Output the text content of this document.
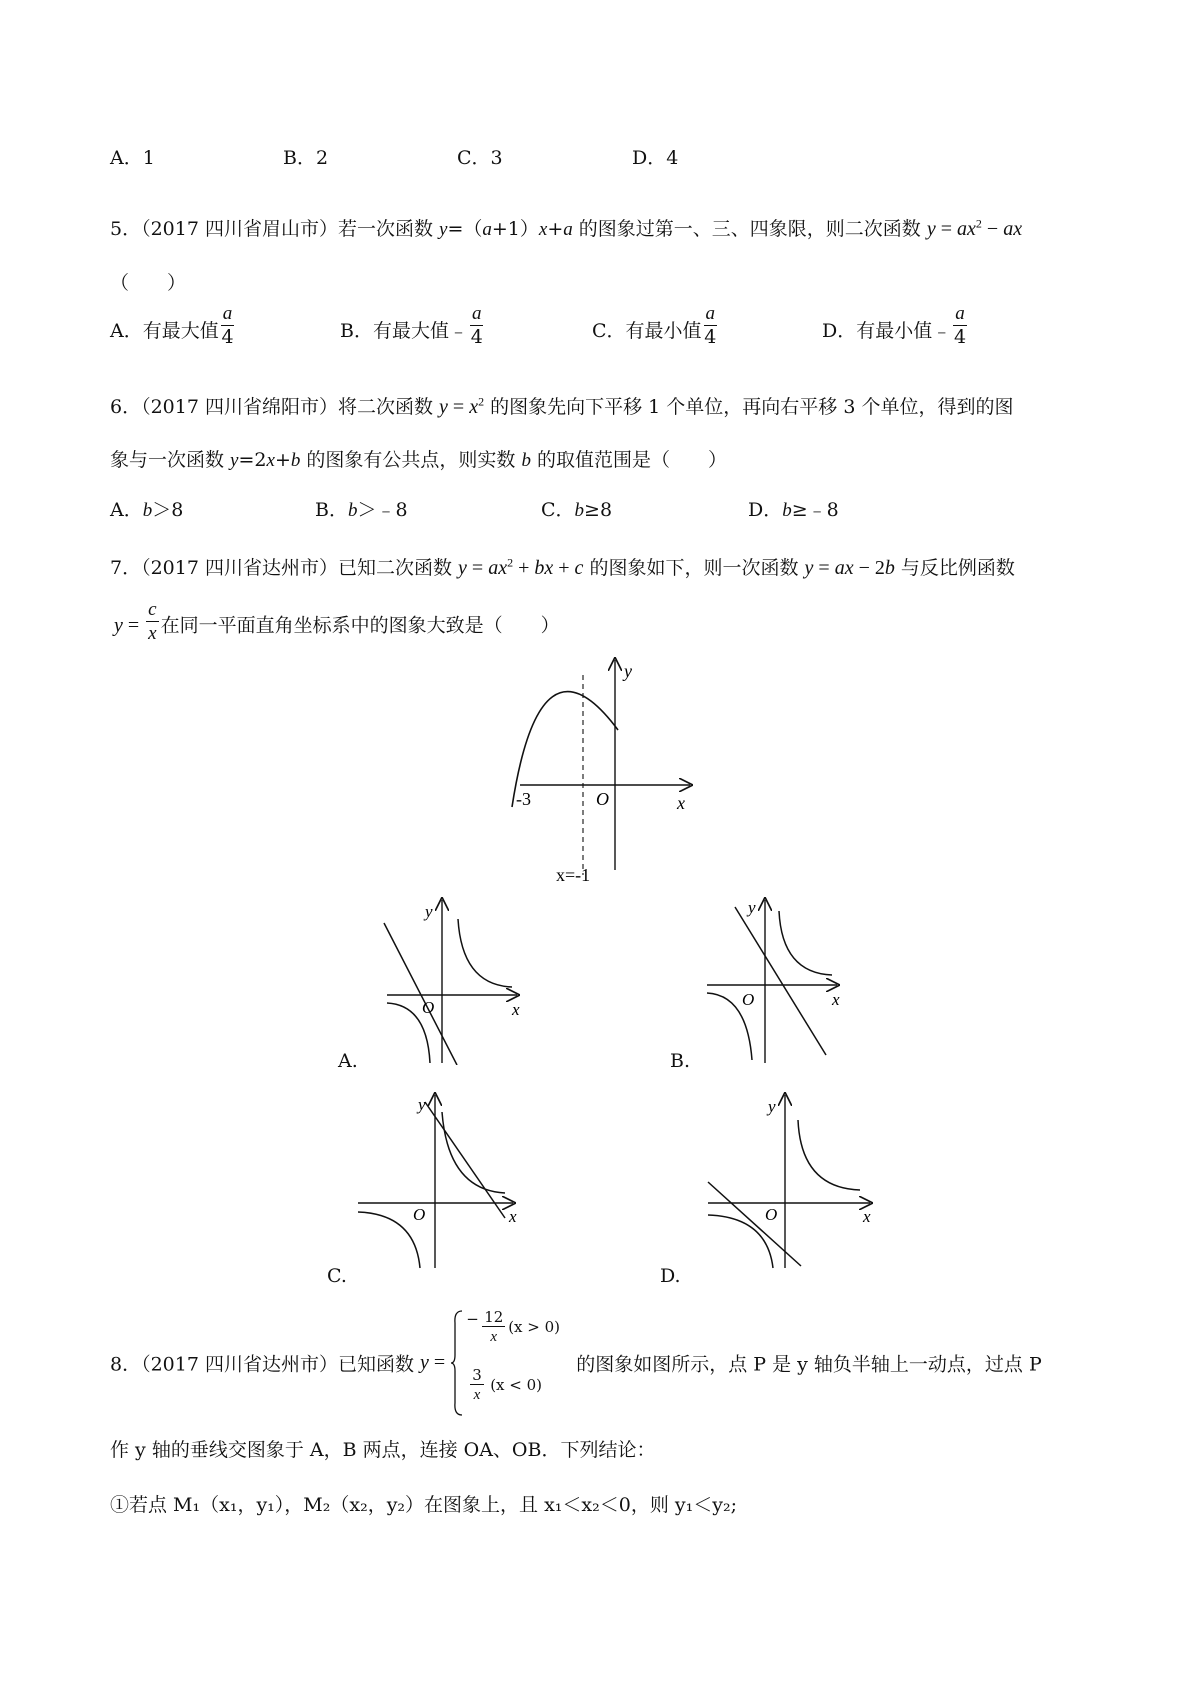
A．1	B．2	C．3	D．4
5．（2017 四川省眉山市）若一次函数 y=（a+1）x+a 的图象过第一、三、四象限，则二次函数 $y = ax^2$ − ax
（　　）
A．有最大值 $\frac{a}{4}$	B．有最大值﹣ $\frac{a}{4}$	C．有最小值 $\frac{a}{4}$	D．有最小值﹣ $\frac{a}{4}$
6．（2017 四川省绵阳市）将二次函数 $y = x^2$ 的图象先向下平移 1 个单位，再向右平移 3 个单位，得到的图
象与一次函数 y=2x+b 的图象有公共点，则实数 b 的取值范围是（　　）
A．b＞8	B．b＞﹣8	C．b≥8	D．b≥﹣8
7．（2017 四川省达州市）已知二次函数 $y = ax^2$ + bx + c 的图象如下，则一次函数 y = ax − 2b 与反比例函数
$y = \frac{c}{x}$ 在同一平面直角坐标系中的图象大致是（　　）
-3	O	x
y
x=-1
O	x
y
A.
O	x
y
B.
O	x
y
C.
O	x
y
D.
8．（2017 四川省达州市）已知函数 y =
− $\frac{12}{x} (x > 0)$
$\frac{3}{x} (x < 0)$
的图象如图所示，点 P 是 y 轴负半轴上一动点，过点 P
作 y 轴的垂线交图象于 A，B 两点，连接 OA、OB．下列结论：
①若点 M₁（x₁，y₁），M₂（x₂，y₂）在图象上，且 x₁＜x₂＜0，则 y₁＜y₂;
